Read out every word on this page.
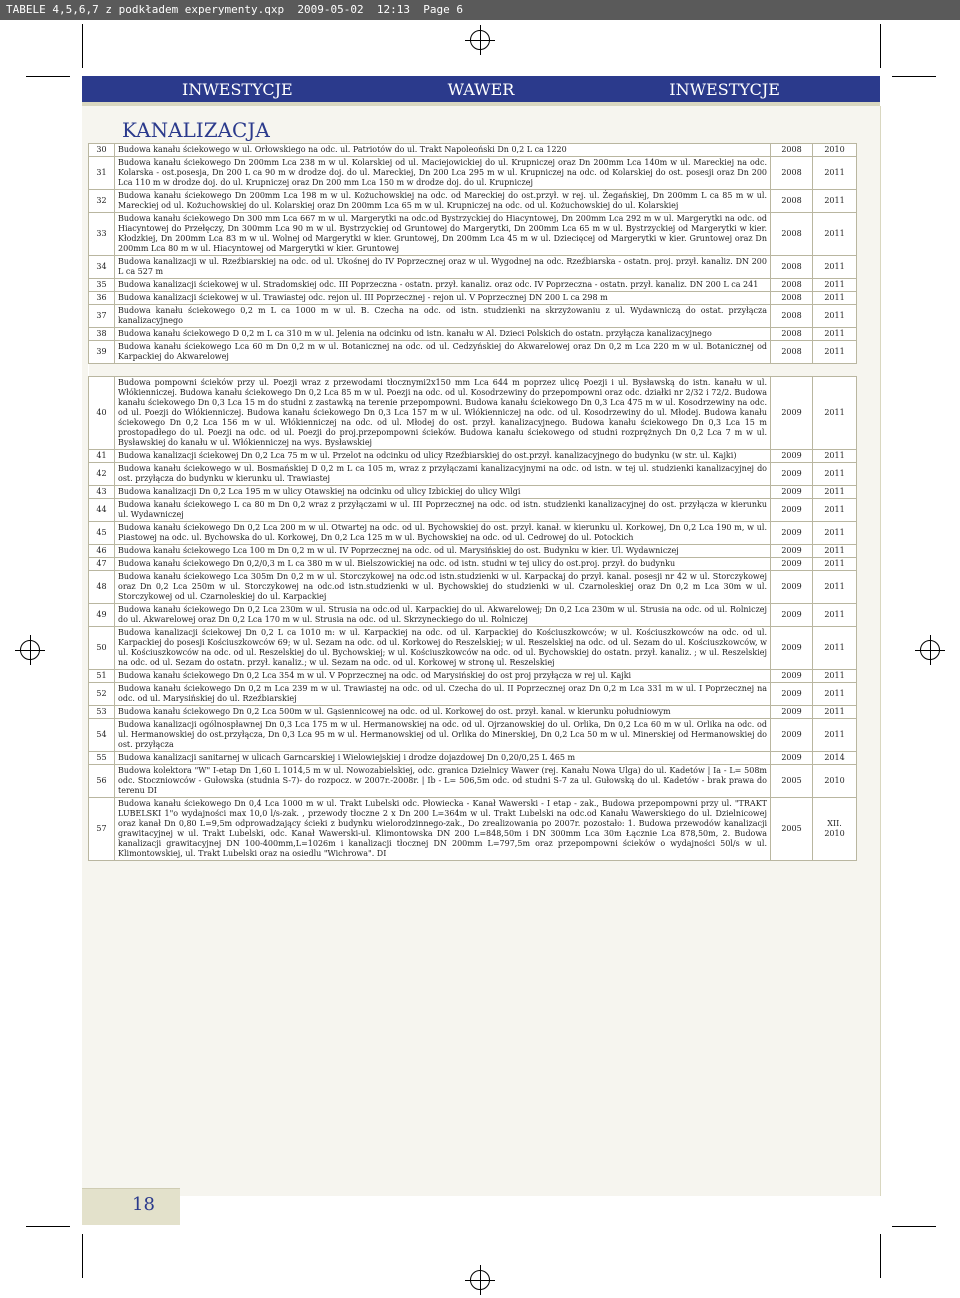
TABELE 4,5,6,7 z podkładem experymenty.qxp  2009-05-02  12:13  Page 6
INWESTYCJE	WAWER	INWESTYCJE
KANALIZACJA
30	Budowa kanału ściekowego w ul. Orłowskiego na odc. ul. Patriotów do ul. Trakt Napoleoński Dn 0,2 L ca 1220	2008	2010
31	Budowa kanału ściekowego Dn 200mm Lca 238 m w ul. Kolarskiej od ul. Maciejowickiej do ul. Krupniczej oraz Dn 200mm Lca 140m w ul. Mareckiej na odc. Kolarska - ost.posesja, Dn 200 L ca 90 m w drodze doj. do ul. Mareckiej, Dn 200 Lca 295 m w ul. Krupniczej na odc. od Kolarskiej do ost. posesji oraz Dn 200 Lca 110 m w drodze doj. do ul. Krupniczej oraz Dn 200 mm Lca 150 m w drodze doj. do ul. Krupniczej	2008	2011
32	Budowa kanału ściekowego Dn 200mm Lca 198 m w ul. Kożuchowskiej na odc. od Mareckiej do ost.przył. w rej. ul. Żegańskiej, Dn 200mm L ca 85 m w ul. Mareckiej od ul. Kożuchowskiej do ul. Kolarskiej oraz Dn 200mm Lca 65 m w ul. Krupniczej na odc. od ul. Kożuchowskiej do ul. Kolarskiej	2008	2011
33	Budowa kanału ściekowego Dn 300 mm Lca 667 m w ul. Margerytki na odc.od Bystrzyckiej do Hiacyntowej, Dn 200mm Lca 292 m w ul. Margerytki na odc. od Hiacyntowej do Przełęczy, Dn 300mm Lca 90 m w ul. Bystrzyckiej od Gruntowej do Margerytki, Dn 200mm Lca 65 m w ul. Bystrzyckiej od Margerytki w kier. Kłodzkiej, Dn 200mm Lca 83 m w ul. Wolnej od Margerytki w kier. Gruntowej, Dn 200mm Lca 45 m w ul. Dziecięcej od Margerytki w kier. Gruntowej oraz Dn 200mm Lca 80 m w ul. Hiacyntowej od Margerytki w kier. Gruntowej	2008	2011
34	Budowa kanalizacji w ul. Rzeźbiarskiej na odc. od ul. Ukośnej do IV Poprzecznej oraz w ul. Wygodnej na odc. Rzeźbiarska - ostatn. proj. przył. kanaliz. DN 200 L ca 527 m	2008	2011
35	Budowa kanalizacji ściekowej w ul. Stradomskiej odc. III Poprzeczna - ostatn. przył. kanaliz. oraz odc. IV Poprzeczna - ostatn. przył. kanaliz. DN 200 L ca 241	2008	2011
36	Budowa kanalizacji ściekowej w ul. Trawiastej odc. rejon ul. III Poprzecznej - rejon ul. V Poprzecznej DN 200 L ca 298 m	2008	2011
37	Budowa kanału ściekowego 0,2 m L ca 1000 m w ul. B. Czecha na odc. od istn. studzienki na skrzyżowaniu z ul. Wydawniczą do ostat. przyłącza kanalizacyjnego	2008	2011
38	Budowa kanału ściekowego D 0,2 m L ca 310 m w ul. Jelenia na odcinku od istn. kanału w Al. Dzieci Polskich do ostatn. przyłącza kanalizacyjnego	2008	2011
39	Budowa kanału ściekowego Lca 60 m Dn 0,2 m w ul. Botanicznej na odc. od ul. Cedzyńskiej do Akwarelowej oraz Dn 0,2 m Lca 220 m w ul. Botanicznej od Karpackiej do Akwarelowej	2008	2011

40	Budowa pompowni ścieków przy ul. Poezji wraz z przewodami tłocznymi2x150 mm Lca 644 m poprzez ulicę Poezji i ul. Bysławską do istn. kanału w ul. Włókienniczej. Budowa kanału ściekowego Dn 0,2 Lca 85 m w ul. Poezji na odc. od ul. Kosodrzewiny do przepompowni oraz odc. działki nr 2/32 i 72/2. Budowa kanału ściekowego Dn 0,3 Lca 15 m do studni z zastawką na terenie przepompowni. Budowa kanału ściekowego Dn 0,3 Lca 475 m w ul. Kosodrzewiny na odc. od ul. Poezji do Włókienniczej. Budowa kanału ściekowego Dn 0,3 Lca 157 m w ul. Włókienniczej na odc. od ul. Kosodrzewiny do ul. Młodej. Budowa kanału ściekowego Dn 0,2 Lca 156 m w ul. Włókienniczej na odc. od ul. Młodej do ost. przył. kanalizacyjnego. Budowa kanału ściekowego Dn 0,3 Lca 15 m prostopadłego do ul. Poezji na odc. od ul. Poezji do proj.przepompowni ścieków. Budowa kanału ściekowego od studni rozprężnych Dn 0,2 Lca 7 m w ul. Bysławskiej do kanału w ul. Włókienniczej na wys. Bysławskiej	2009	2011
41	Budowa kanalizacji ściekowej Dn 0,2 Lca 75 m w ul. Przelot na odcinku od ulicy Rzeźbiarskiej do ost.przył. kanalizacyjnego do budynku (w str. ul. Kajki)	2009	2011
42	Budowa kanału ściekowego w ul. Bosmańskiej D 0,2 m L ca 105 m, wraz z przyłączami kanalizacyjnymi na odc. od istn. w tej ul. studzienki kanalizacyjnej do ost. przyłącza do budynku w kierunku ul. Trawiastej	2009	2011
43	Budowa kanalizacji Dn 0,2 Lca 195 m w ulicy Otawskiej na odcinku od ulicy Izbickiej do ulicy Wilgi	2009	2011
44	Budowa kanału ściekowego L ca 80 m Dn 0,2 wraz z przyłączami w ul. III Poprzecznej na odc. od istn. studzienki kanalizacyjnej do ost. przyłącza w kierunku ul. Wydawniczej	2009	2011
45	Budowa kanału ściekowego Dn 0,2 Lca 200 m w ul. Otwartej na odc. od ul. Bychowskiej do ost. przył. kanał. w kierunku ul. Korkowej, Dn 0,2 Lca 190 m, w ul. Piastowej na odc. ul. Bychowska do ul. Korkowej, Dn 0,2 Lca 125 m w ul. Bychowskiej na odc. od ul. Cedrowej do ul. Potockich	2009	2011
46	Budowa kanału ściekowego Lca 100 m Dn 0,2 m w ul. IV Poprzecznej na odc. od ul. Marysińskiej do ost. Budynku w kier. Ul. Wydawniczej	2009	2011
47	Budowa kanału ściekowego Dn 0,2/0,3 m L ca 380 m w ul. Bielszowickiej na odc. od istn. studni w tej ulicy do ost.proj. przył. do budynku	2009	2011
48	Budowa kanału ściekowego Lca 305m Dn 0,2 m w ul. Storczykowej na odc.od istn.studzienki w ul. Karpackaj do przył. kanal. posesji nr 42 w ul. Storczykowej oraz Dn 0,2 Lca 250m w ul. Storczykowej na odc.od istn.studzienki w ul. Bychowskiej do studzienki w ul. Czarnoleskiej oraz Dn 0,2 m Lca 30m w ul. Storczykowej od ul. Czarnoleskiej do ul. Karpackiej	2009	2011
49	Budowa kanału ściekowego Dn 0,2 Lca 230m w ul. Strusia na odc.od ul. Karpackiej do ul. Akwarelowej; Dn 0,2 Lca 230m w ul. Strusia na odc. od ul. Rolniczej do ul. Akwarelowej oraz Dn 0,2 Lca 170 m w ul. Strusia na odc. od ul. Skrzyneckiego do ul. Rolniczej	2009	2011
50	Budowa kanalizacji ściekowej Dn 0,2 L ca 1010 m: w ul. Karpackiej na odc. od ul. Karpackiej do Kościuszkowców; w ul. Kościuszkowców na odc. od ul. Karpackiej do posesji Kościuszkowców 69; w ul. Sezam na odc. od ul. Korkowej do Reszelskiej; w ul. Reszelskiej na odc. od ul. Sezam do ul. Kościuszkowców, w ul. Kościuszkowców na odc. od ul. Reszelskiej do ul. Bychowskiej; w ul. Kościuszkowców na odc. od ul. Bychowskiej do ostatn. przył. kanaliz. ; w ul. Reszelskiej na odc. od ul. Sezam do ostatn. przył. kanaliz.; w ul. Sezam na odc. od ul. Korkowej w stronę ul. Reszelskiej	2009	2011
51	Budowa kanału ściekowego Dn 0,2 Lca 354 m w ul. V Poprzecznej na odc. od Marysińskiej do ost proj przyłącza w rej ul. Kajki	2009	2011
52	Budowa kanału ściekowego Dn 0,2 m Lca 239 m w ul. Trawiastej na odc. od ul. Czecha do ul. II Poprzecznej oraz Dn 0,2 m Lca 331 m w ul. I Poprzecznej na odc. od ul. Marysińskiej do ul. Rzeźbiarskiej	2009	2011
53	Budowa kanału ściekowego Dn 0,2 Lca 500m w ul. Gąsiennicowej na odc. od ul. Korkowej do ost. przył. kanal. w kierunku południowym	2009	2011
54	Budowa kanalizacji ogólnospławnej Dn 0,3 Lca 175 m w ul. Hermanowskiej na odc. od ul. Ojrzanowskiej do ul. Orlika, Dn 0,2 Lca 60 m w ul. Orlika na odc. od ul. Hermanowskiej do ost.przyłącza, Dn 0,3 Lca 95 m w ul. Hermanowskiej od ul. Orlika do Minerskiej, Dn 0,2 Lca 50 m w ul. Minerskiej od Hermanowskiej do ost. przyłącza	2009	2011
55	Budowa kanalizacji sanitarnej w ulicach Garncarskiej i Wielowiejskiej i drodze dojazdowej Dn 0,20/0,25 L 465 m	2009	2014
56	Budowa kolektora "W" I-etap Dn 1,60 L 1014,5 m w ul. Nowozabielskiej, odc. granica Dzielnicy Wawer (rej. Kanału Nowa Ulga) do ul. Kadetów | Ia - L= 508m odc. Stoczniowców - Gułowska (studnia S-7)- do rozpocz. w 2007r.-2008r. | Ib - L= 506,5m odc. od studni S-7 za ul. Gułowską do ul. Kadetów - brak prawa do terenu DI	2005	2010
57	Budowa kanału ściekowego Dn 0,4 Lca 1000 m w ul. Trakt Lubelski odc. Płowiecka - Kanał Wawerski - I etap - zak., Budowa przepompowni przy ul. "TRAKT LUBELSKI 1"o wydajności max 10,0 l/s-zak. , przewody tłoczne 2 x Dn 200 L=364m w ul. Trakt Lubelski na odc.od Kanału Wawerskiego do ul. Dzielnicowej oraz kanał Dn 0,80 L=9,5m odprowadzający ścieki z budynku wielorodzinnego-zak., Do zrealizowania po 2007r. pozostało: 1. Budowa przewodów kanalizacji grawitacyjnej w ul. Trakt Lubelski, odc. Kanał Wawerski-ul. Klimontowska DN 200 L=848,50m i DN 300mm Lca 30m Łącznie Lca 878,50m, 2. Budowa kanalizacji grawitacyjnej DN 100-400mm,L=1026m i kanalizacji tłocznej DN 200mm L=797,5m oraz przepompowni ścieków o wydajności 50l/s w ul. Klimontowskiej, ul. Trakt Lubelski oraz na osiedlu "Wichrowa". DI	2005	XII. 2010
18
